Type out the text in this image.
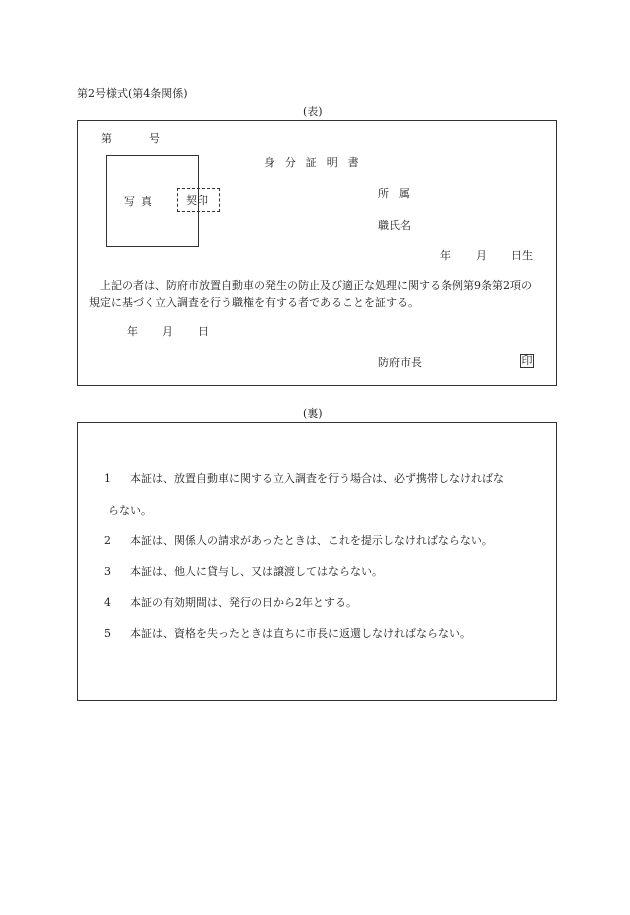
第2号様式(第4条関係)
(表)
第	号
身分証明書
写真	契印
所属
職氏名
年 月 日生
上記の者は、防府市放置自動車の発生の防止及び適正な処理に関する条例第9条第2項の規定に基づく立入調査を行う職権を有する者であることを証する。
年 月 日
防府市長	印
(裏)
1 本証は、放置自動車に関する立入調査を行う場合は、必ず携帯しなければな
らない。
2 本証は、関係人の請求があったときは、これを提示しなければならない。
3 本証は、他人に貸与し、又は譲渡してはならない。
4 本証の有効期間は、発行の日から2年とする。
5 本証は、資格を失ったときは直ちに市長に返還しなければならない。
